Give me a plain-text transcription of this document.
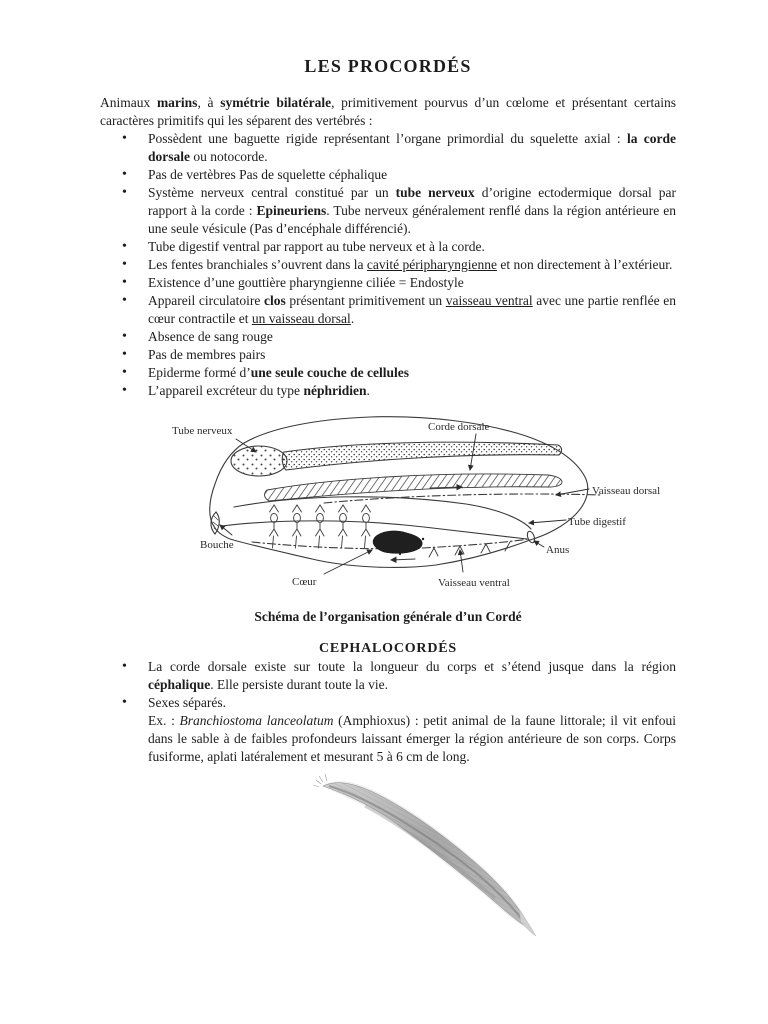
LES PROCORDÉS

Animaux marins, à symétrie bilatérale, primitivement pourvus d’un cœlome et présentant certains caractères primitifs qui les séparent des vertébrés :

• Possèdent une baguette rigide représentant l’organe primordial du squelette axial : la corde dorsale ou notocorde.
• Pas de vertèbres Pas de squelette céphalique
• Système nerveux central constitué par un tube nerveux d’origine ectodermique dorsal par rapport à la corde : Epineuriens. Tube nerveux généralement renflé dans la région antérieure en une seule vésicule (Pas d’encéphale différencié).
• Tube digestif ventral par rapport au tube nerveux et à la corde.
• Les fentes branchiales s’ouvrent dans la cavité péripharyngienne et non directement à l’extérieur.
• Existence d’une gouttière pharyngienne ciliée = Endostyle
• Appareil circulatoire clos présentant primitivement un vaisseau ventral avec une partie renflée en cœur contractile et un vaisseau dorsal.
• Absence de sang rouge
• Pas de membres pairs
• Epiderme formé d’une seule couche de cellules
• L’appareil excréteur du type néphridien.
Tube nerveux	Corde dorsale
Vaisseau dorsal
Tube digestif
Anus
Vaisseau ventral
Cœur
Bouche

Schéma de l’organisation générale d’un Cordé

CEPHALOCORDÉS
• La corde dorsale existe sur toute la longueur du corps et s’étend jusque dans la région céphalique. Elle persiste durant toute la vie.
• Sexes séparés.

Ex. : Branchiostoma lanceolatum (Amphioxus) : petit animal de la faune littorale; il vit enfoui dans le sable à de faibles profondeurs laissant émerger la région antérieure de son corps. Corps fusiforme, aplati latéralement et mesurant 5 à 6 cm de long.
